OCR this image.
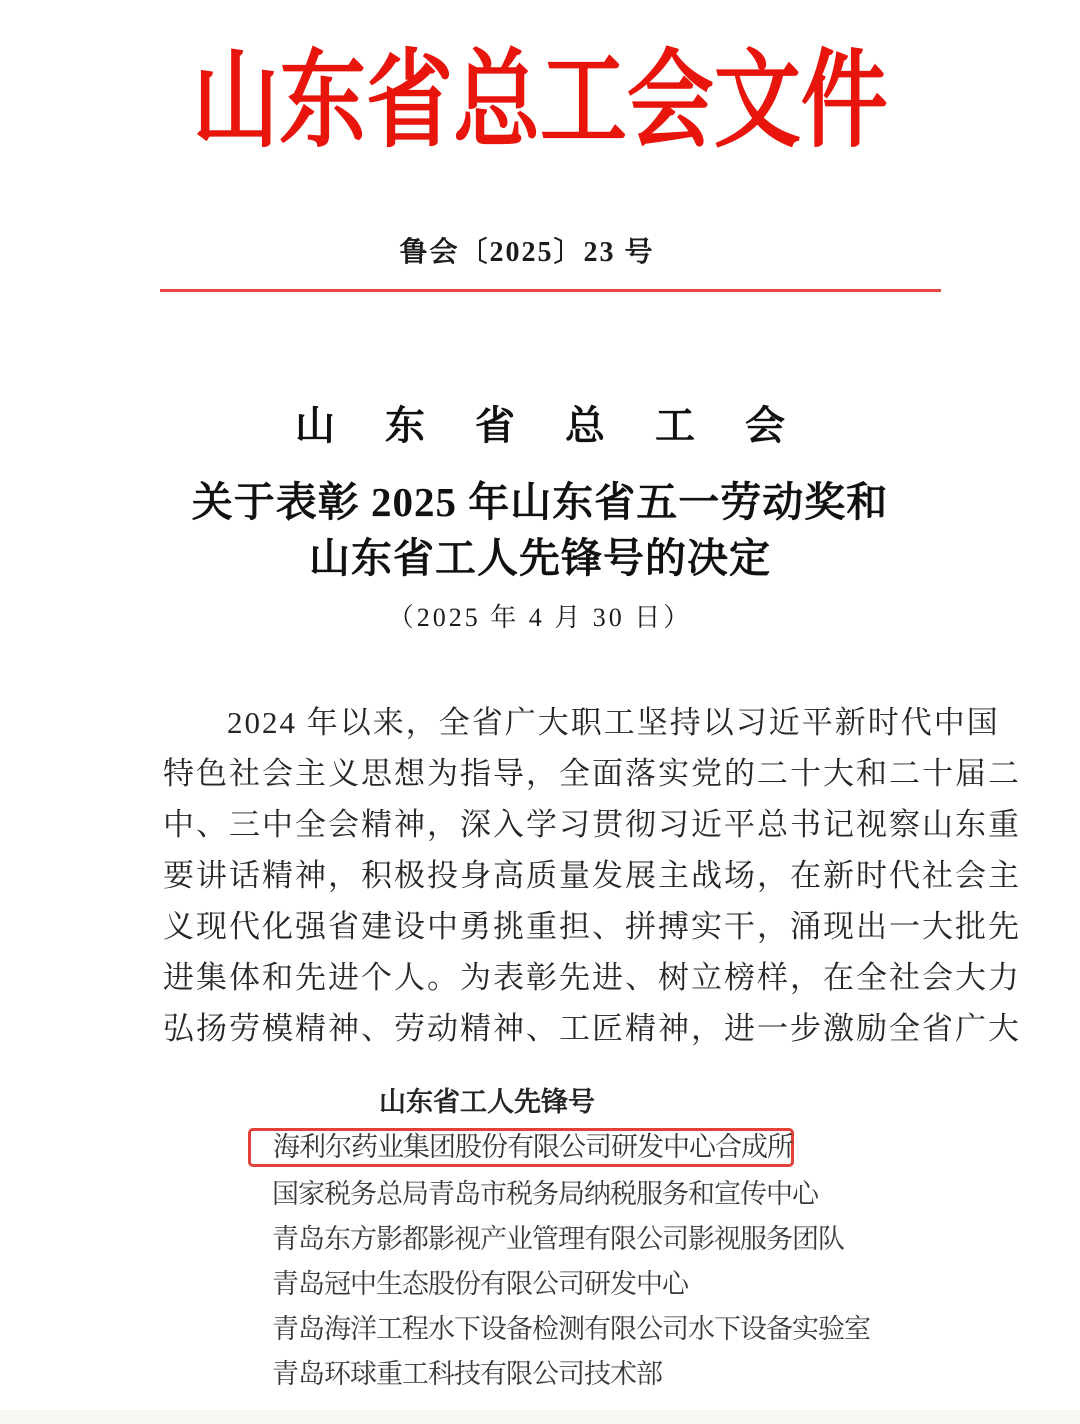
山东省总工会文件
鲁会〔2025〕23 号
山 东 省 总 工 会
关于表彰 2025 年山东省五一劳动奖和
山东省工人先锋号的决定
（2025 年 4 月 30 日）
2024 年以来，全省广大职工坚持以习近平新时代中国
特色社会主义思想为指导，全面落实党的二十大和二十届二
中、三中全会精神，深入学习贯彻习近平总书记视察山东重
要讲话精神，积极投身高质量发展主战场，在新时代社会主
义现代化强省建设中勇挑重担、拼搏实干，涌现出一大批先
进集体和先进个人。为表彰先进、树立榜样，在全社会大力
弘扬劳模精神、劳动精神、工匠精神，进一步激励全省广大
山东省工人先锋号
海利尔药业集团股份有限公司研发中心合成所
国家税务总局青岛市税务局纳税服务和宣传中心
青岛东方影都影视产业管理有限公司影视服务团队
青岛冠中生态股份有限公司研发中心
青岛海洋工程水下设备检测有限公司水下设备实验室
青岛环球重工科技有限公司技术部
